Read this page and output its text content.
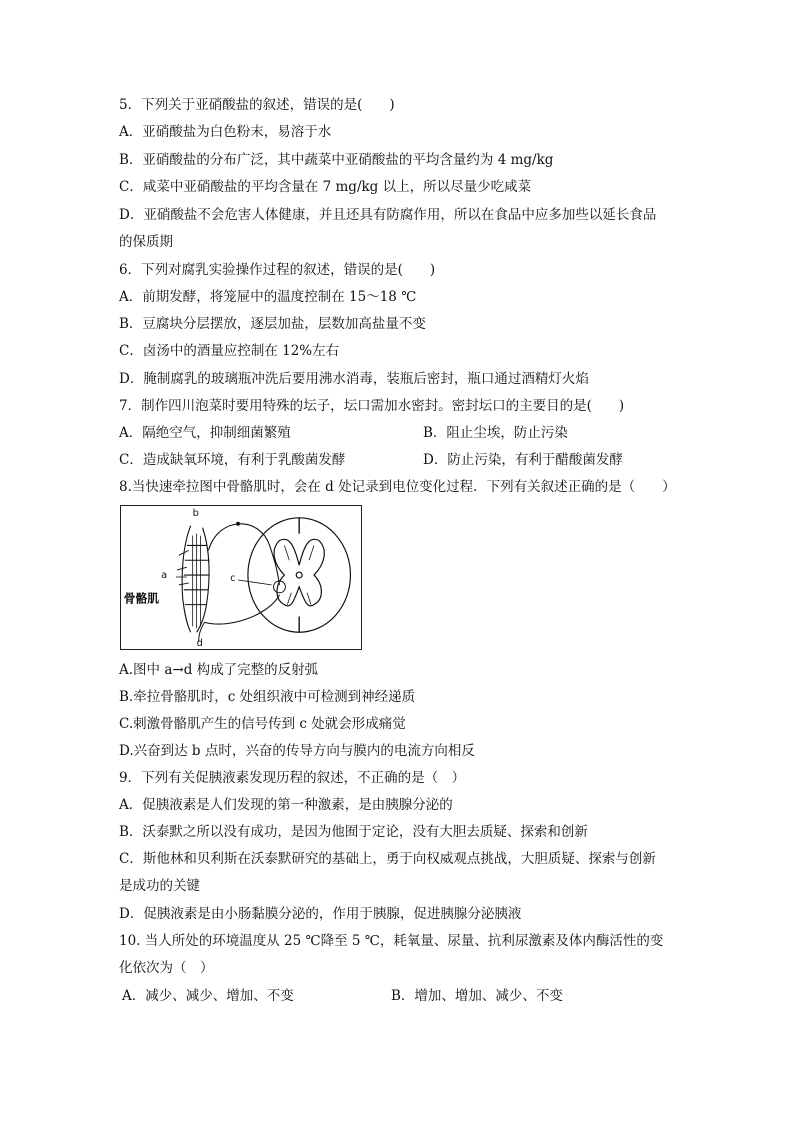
5．下列关于亚硝酸盐的叙述，错误的是(　　)
A．亚硝酸盐为白色粉末，易溶于水
B．亚硝酸盐的分布广泛，其中蔬菜中亚硝酸盐的平均含量约为 4 mg/kg
C．咸菜中亚硝酸盐的平均含量在 7 mg/kg 以上，所以尽量少吃咸菜
D．亚硝酸盐不会危害人体健康，并且还具有防腐作用，所以在食品中应多加些以延长食品
的保质期
6．下列对腐乳实验操作过程的叙述，错误的是(　　)
A．前期发酵，将笼屉中的温度控制在 15～18 ℃
B．豆腐块分层摆放，逐层加盐，层数加高盐量不变
C．卤汤中的酒量应控制在 12%左右
D．腌制腐乳的玻璃瓶冲洗后要用沸水消毒，装瓶后密封，瓶口通过酒精灯火焰
7．制作四川泡菜时要用特殊的坛子，坛口需加水密封。密封坛口的主要目的是(　　)
A．隔绝空气，抑制细菌繁殖	B．阻止尘埃，防止污染
C．造成缺氧环境，有利于乳酸菌发酵	D．防止污染，有利于醋酸菌发酵
8.当快速牵拉图中骨骼肌时，会在 d 处记录到电位变化过程．下列有关叙述正确的是（　　）
b
a	c
d
骨骼肌
A.图中 a→d 构成了完整的反射弧
B.牵拉骨骼肌时，c 处组织液中可检测到神经递质
C.刺激骨骼肌产生的信号传到 c 处就会形成痛觉
D.兴奋到达 b 点时，兴奋的传导方向与膜内的电流方向相反
9．下列有关促胰液素发现历程的叙述，不正确的是（　）
A．促胰液素是人们发现的第一种激素，是由胰腺分泌的
B．沃泰默之所以没有成功，是因为他囿于定论，没有大胆去质疑、探索和创新
C．斯他林和贝利斯在沃泰默研究的基础上，勇于向权威观点挑战，大胆质疑、探索与创新
是成功的关键
D．促胰液素是由小肠黏膜分泌的，作用于胰腺，促进胰腺分泌胰液
10. 当人所处的环境温度从 25 ℃降至 5 ℃，耗氧量、尿量、抗利尿激素及体内酶活性的变
化依次为（　）
A．减少、减少、增加、不变	B．增加、增加、减少、不变
